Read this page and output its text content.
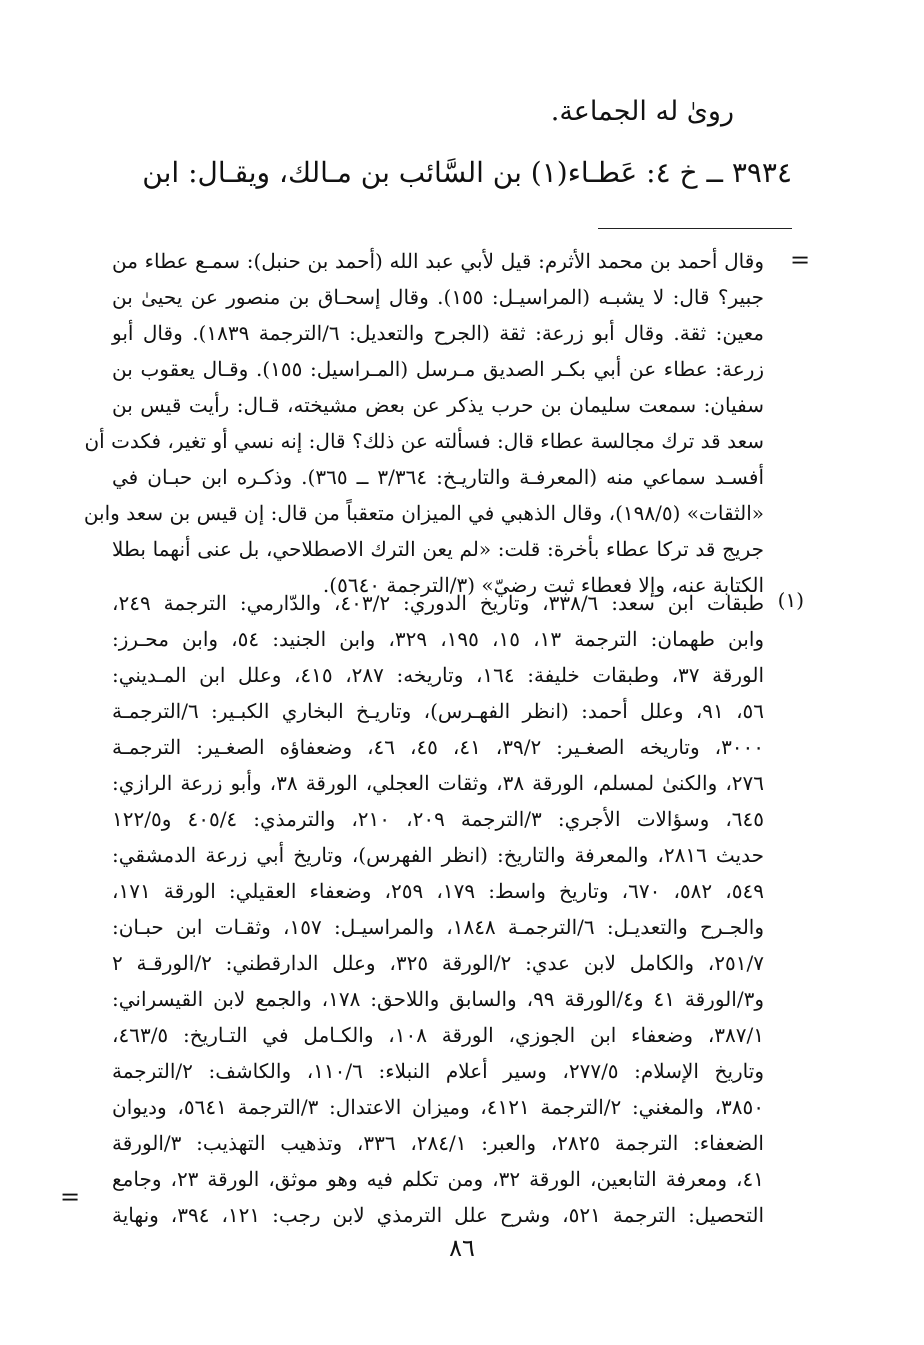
روىٰ له الجماعة.
٣٩٣٤ ــ خ ٤: عَطـاء(١) بن السَّائب بن مـالك، ويقـال: ابن
=

وقال أحمد بن محمد الأثرم: قيل لأبي عبد الله (أحمد بن حنبل): سمـع عطاء من

جبير؟ قال: لا يشبـه (المراسيـل: ١٥٥). وقال إسحـاق بن منصور عن يحيىٰ بن

معين: ثقة. وقال أبو زرعة: ثقة (الجرح والتعديل: ٦/الترجمة ١٨٣٩). وقال أبو

زرعة: عطاء عن أبي بكـر الصديق مـرسل (المـراسيل: ١٥٥). وقـال يعقوب بن

سفيان: سمعت سليمان بن حرب يذكر عن بعض مشيخته، قـال: رأيت قيس بن

سعد قد ترك مجالسة عطاء قال: فسألته عن ذلك؟ قال: إنه نسي أو تغير، فكدت أن

أفسـد سماعي منه (المعرفـة والتاريـخ: ٣/٣٦٤ ــ ٣٦٥). وذكـره ابن حبـان في

«الثقات» (١٩٨/٥)، وقال الذهبي في الميزان متعقباً من قال: إن قيس بن سعد وابن

جريج قد تركا عطاء بأخرة: قلت: «لم يعن الترك الاصطلاحي، بل عنى أنهما بطلا

الكتابة عنه، وإلا فعطاء ثبت رضيّ» (٣/الترجمة ٥٦٤٠).

(١)

طبقات ابن سعد: ٣٣٨/٦، وتاريخ الدوري: ٤٠٣/٢، والدّارمي: الترجمة ٢٤٩،

وابن طهمان: الترجمة ١٣، ١٥، ١٩٥، ٣٢٩، وابن الجنيد: ٥٤، وابن محـرز:

الورقة ٣٧، وطبقات خليفة: ١٦٤، وتاريخه: ٢٨٧، ٤١٥، وعلل ابن المـديني:

٥٦، ٩١، وعلل أحمد: (انظر الفهـرس)، وتاريـخ البخاري الكبـير: ٦/الترجمـة

٣٠٠٠، وتاريخه الصغـير: ٣٩/٢، ٤١، ٤٥، ٤٦، وضعفاؤه الصغـير: الترجمـة

٢٧٦، والكنىٰ لمسلم، الورقة ٣٨، وثقات العجلي، الورقة ٣٨، وأبو زرعة الرازي:

٦٤٥، وسؤالات الأجري: ٣/الترجمة ٢٠٩، ٢١٠، والترمذي: ٤٠٥/٤ و١٢٢/٥

حديث ٢٨١٦، والمعرفة والتاريخ: (انظر الفهرس)، وتاريخ أبي زرعة الدمشقي:

٥٤٩، ٥٨٢، ٦٧٠، وتاريخ واسط: ١٧٩، ٢٥٩، وضعفاء العقيلي: الورقة ١٧١،

والجـرح والتعديـل: ٦/الترجمـة ١٨٤٨، والمراسيـل: ١٥٧، وثقـات ابن حبـان:

٢٥١/٧، والكامل لابن عدي: ٢/الورقة ٣٢٥، وعلل الدارقطني: ٢/الورقـة ٢

و٣/الورقة ٤١ و٤/الورقة ٩٩، والسابق واللاحق: ١٧٨، والجمع لابن القيسراني:

٣٨٧/١، وضعفاء ابن الجوزي، الورقة ١٠٨، والكـامل في التـاريخ: ٤٦٣/٥،

وتاريخ الإسلام: ٢٧٧/٥، وسير أعلام النبلاء: ١١٠/٦، والكاشف: ٢/الترجمة

٣٨٥٠، والمغني: ٢/الترجمة ٤١٢١، وميزان الاعتدال: ٣/الترجمة ٥٦٤١، وديوان

الضعفاء: الترجمة ٢٨٢٥، والعبر: ٢٨٤/١، ٣٣٦، وتذهيب التهذيب: ٣/الورقة

٤١، ومعرفة التابعين، الورقة ٣٢، ومن تكلم فيه وهو موثق، الورقة ٢٣، وجامع

التحصيل: الترجمة ٥٢١، وشرح علل الترمذي لابن رجب: ١٢١، ٣٩٤، ونهاية

=
٨٦
